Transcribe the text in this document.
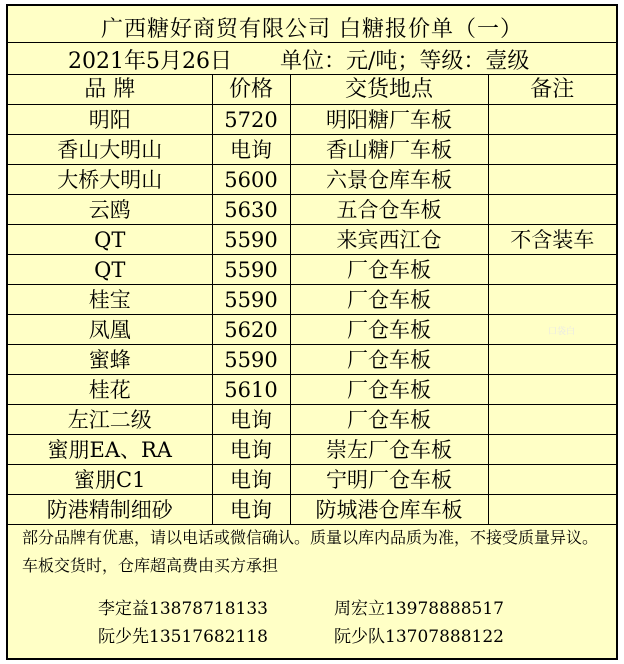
广西糖好商贸有限公司 白糖报价单（一）
2021年5月26日 单位：元/吨；等级：壹级
品 牌	价格	交货地点	备注
明阳	5720	明阳糖厂车板	
香山大明山	电询	香山糖厂车板	
大桥大明山	5600	六景仓库车板	
云鸥	5630	五合仓车板	
QT	5590	来宾西江仓	不含装车
QT	5590	厂仓车板	
桂宝	5590	厂仓车板	
凤凰	5620	厂仓车板	
蜜蜂	5590	厂仓车板	
桂花	5610	厂仓车板	
左江二级	电询	厂仓车板	
蜜朋EA、RA	电询	崇左厂仓车板	
蜜朋C1	电询	宁明厂仓车板	
防港精制细砂	电询	防城港仓库车板	
部分品牌有优惠，请以电话或微信确认。质量以库内品质为准，不接受质量异议。车板交货时，仓库超高费由买方承担
李定益13878718133	周宏立13978888517
阮少先13517682118	阮少队13707888122
口袋白
